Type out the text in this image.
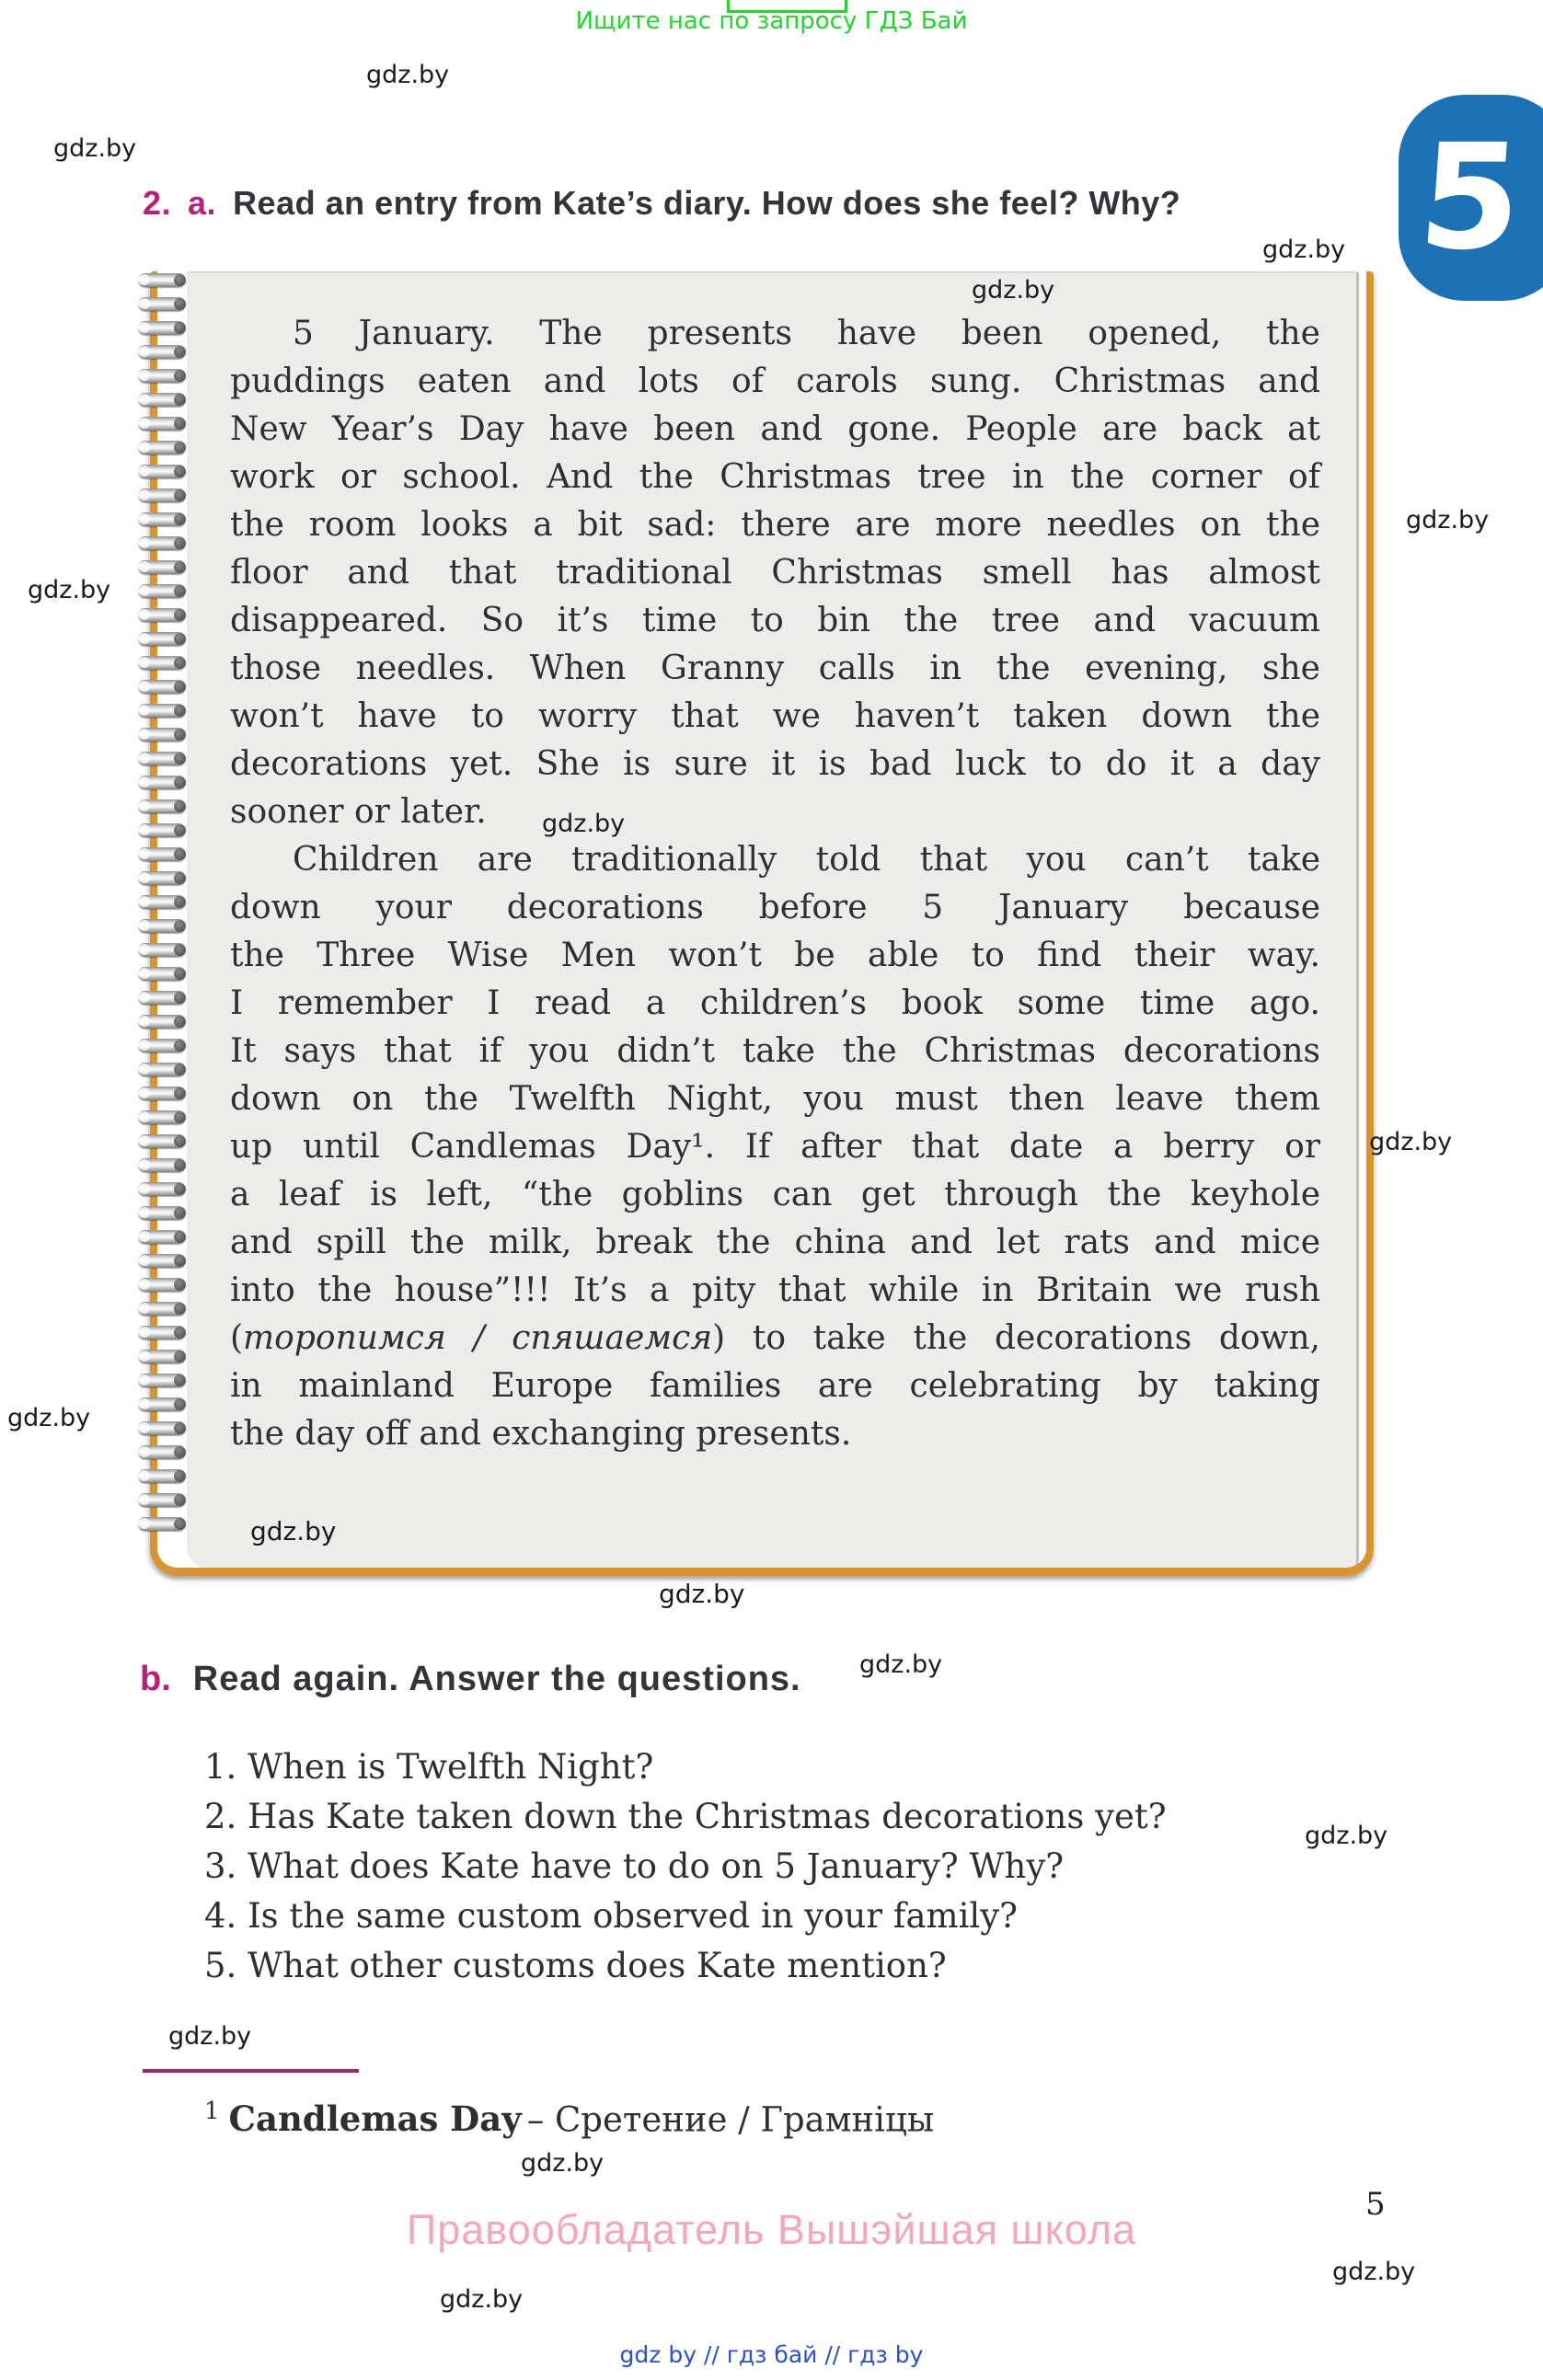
Ищите нас по запросу ГДЗ Бай
5
2. a. Read an entry from Kate’s diary. How does she feel? Why?
5 January. The presents have been opened, the
puddings eaten and lots of carols sung. Christmas and
New Year’s Day have been and gone. People are back at
work or school. And the Christmas tree in the corner of
the room looks a bit sad: there are more needles on the
floor and that traditional Christmas smell has almost
disappeared. So it’s time to bin the tree and vacuum
those needles. When Granny calls in the evening, she
won’t have to worry that we haven’t taken down the
decorations yet. She is sure it is bad luck to do it a day
sooner or later.
Children are traditionally told that you can’t take
down your decorations before 5 January because
the Three Wise Men won’t be able to find their way.
I remember I read a children’s book some time ago.
It says that if you didn’t take the Christmas decorations
down on the Twelfth Night, you must then leave them
up until Candlemas Day¹. If after that date a berry or
a leaf is left, “the goblins can get through the keyhole
and spill the milk, break the china and let rats and mice
into the house”!!! It’s a pity that while in Britain we rush
(торопимся / спяшаемся) to take the decorations down,
in mainland Europe families are celebrating by taking
the day off and exchanging presents.
b. Read again. Answer the questions.
1. When is Twelfth Night?
2. Has Kate taken down the Christmas decorations yet?
3. What does Kate have to do on 5 January? Why?
4. Is the same custom observed in your family?
5. What other customs does Kate mention?
$^1$ Candlemas Day – Сретение / Грамніцы
Правообладатель Вышэйшая школа
5
gdz by // гдз бай // гдз by
gdz.by
gdz.by
gdz.by
gdz.by
gdz.by
gdz.by
gdz.by
gdz.by
gdz.by
gdz.by
gdz.by
gdz.by
gdz.by
gdz.by
gdz.by
gdz.by
gdz.by
